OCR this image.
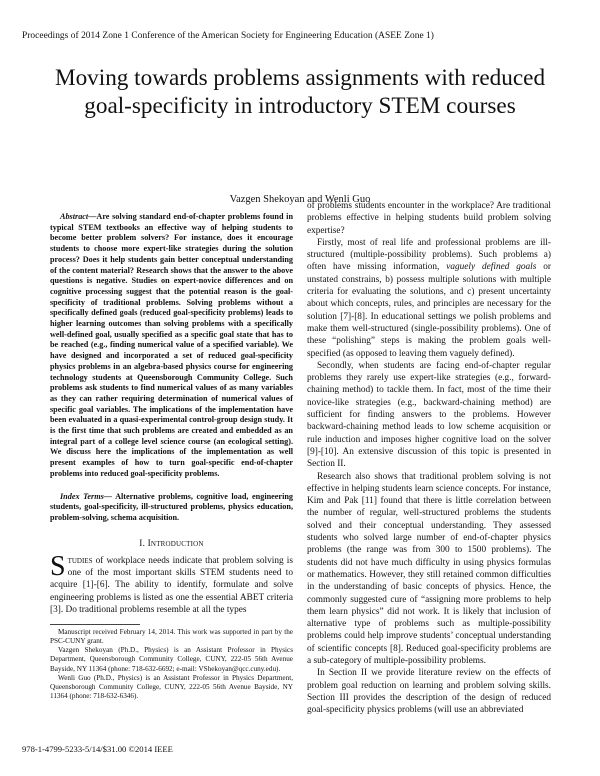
Proceedings of 2014 Zone 1 Conference of the American Society for Engineering Education (ASEE Zone 1)
Moving towards problems assignments with reduced goal-specificity in introductory STEM courses
Vazgen Shekoyan and Wenli Guo

Abstract—Are solving standard end-of-chapter problems found in typical STEM textbooks an effective way of helping students to become better problem solvers? For instance, does it encourage students to choose more expert-like strategies during the solution process? Does it help students gain better conceptual understanding of the content material? Research shows that the answer to the above questions is negative. Studies on expert-novice differences and on cognitive processing suggest that the potential reason is the goal-specificity of traditional problems. Solving problems without a specifically defined goals (reduced goal-specificity problems) leads to higher learning outcomes than solving problems with a specifically well-defined goal, usually specified as a specific goal state that has to be reached (e.g., finding numerical value of a specified variable). We have designed and incorporated a set of reduced goal-specificity physics problems in an algebra-based physics course for engineering technology students at Queensborough Community College. Such problems ask students to find numerical values of as many variables as they can rather requiring determination of numerical values of specific goal variables. The implications of the implementation have been evaluated in a quasi-experimental control-group design study. It is the first time that such problems are created and embedded as an integral part of a college level science course (an ecological setting). We discuss here the implications of the implementation as well present examples of how to turn goal-specific end-of-chapter problems into reduced goal-specificity problems.

Index Terms— Alternative problems, cognitive load, engineering students, goal-specificity, ill-structured problems, physics education, problem-solving, schema acquisition.

I. Introduction

Studies of workplace needs indicate that problem solving is one of the most important skills STEM students need to acquire [1]-[6]. The ability to identify, formulate and solve engineering problems is listed as one the essential ABET criteria [3]. Do traditional problems resemble at all the types

Manuscript received February 14, 2014. This work was supported in part by the PSC-CUNY grant.

Vazgen Shekoyan (Ph.D., Physics) is an Assistant Professor in Physics Department, Queensborough Community College, CUNY, 222-05 56th Avenue Bayside, NY 11364 (phone: 718-632-6692; e-mail: VShekoyan@qcc.cuny.edu).

Wenli Guo (Ph.D., Physics) is an Assistant Professor in Physics Department, Queensborough Community College, CUNY, 222-05 56th Avenue Bayside, NY 11364 (phone: 718-632-6346).

of problems students encounter in the workplace? Are traditional problems effective in helping students build problem solving expertise?

Firstly, most of real life and professional problems are ill-structured (multiple-possibility problems). Such problems a) often have missing information, vaguely defined goals or unstated constrains, b) possess multiple solutions with multiple criteria for evaluating the solutions, and c) present uncertainty about which concepts, rules, and principles are necessary for the solution [7]-[8]. In educational settings we polish problems and make them well-structured (single-possibility problems). One of these “polishing” steps is making the problem goals well-specified (as opposed to leaving them vaguely defined).

Secondly, when students are facing end-of-chapter regular problems they rarely use expert-like strategies (e.g., forward-chaining method) to tackle them. In fact, most of the time their novice-like strategies (e.g., backward-chaining method) are sufficient for finding answers to the problems. However backward-chaining method leads to low scheme acquisition or rule induction and imposes higher cognitive load on the solver [9]-[10]. An extensive discussion of this topic is presented in Section II.

Research also shows that traditional problem solving is not effective in helping students learn science concepts. For instance, Kim and Pak [11] found that there is little correlation between the number of regular, well-structured problems the students solved and their conceptual understanding. They assessed students who solved large number of end-of-chapter physics problems (the range was from 300 to 1500 problems). The students did not have much difficulty in using physics formulas or mathematics. However, they still retained common difficulties in the understanding of basic concepts of physics. Hence, the commonly suggested cure of “assigning more problems to help them learn physics” did not work. It is likely that inclusion of alternative type of problems such as multiple-possibility problems could help improve students’ conceptual understanding of scientific concepts [8]. Reduced goal-specificity problems are a sub-category of multiple-possibility problems.

In Section II we provide literature review on the effects of problem goal reduction on learning and problem solving skills. Section III provides the description of the design of reduced goal-specificity physics problems (will use an abbreviated

978-1-4799-5233-5/14/$31.00 ©2014 IEEE
